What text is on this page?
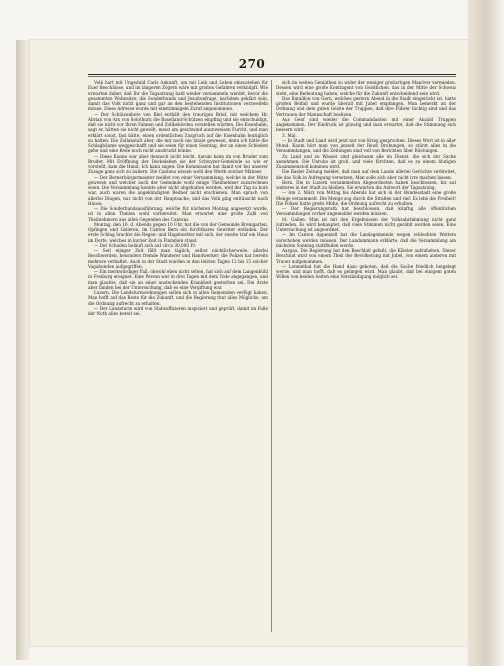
270

Volk hart mit Ungeduld Carls Ankunft, um mit Leib und Leben einzustehen für Euer Beschlüsse, und im längeren Zögern wäre mit großen Gefahren verknüpft. Wie erwarten daher, daß Ihr die Tagsatzung bald wieder versammeln werdet, bevor die gesammten Wohnsitze, die Sonderbunds und Jesuitenfrage, nachdem geklärt sein, damit das Volk nicht ganz und gar an den bestehenden Institutionen verzweifeln müsse. Diese Adresse wurde mit einstimmigem Zuruf angenommen.

— Der Schützenhote von Biel enthält den traurigen Brief, mit welchem Hr. Abrian von Arx von Solothurn die Baselland-Schützen empfing und sie entschuldigt, daß sie nicht vor Ihren Fahnen und Zollbehörden vorstellen würden. Die Eisenbahn, sagt er, hätten sie nicht gewollt, meist am geschwind auszuweisen Furcht, und man erklärt sonst, fast hätte, einen ordentlichen Zuspruch auf die Eisenbahn bezüglich zu halten. Die Zollanstalt aber, die mir noch nie fatale gewesen, denn ich hätte die Schlagbäume weggeschafft und sie seien für einen Sonntag, der an einen Schießen gehe und eine Rede noch nicht ausdruckt könne.

— Diese Kanne war aber dennoch nicht leicht, darum kann im von Bruder zum Bruder. Mit Eröffnung der Deckeleßen sie der Schwyzer-Gemeinde so wie er vorstellt, kam die Hand. Ich kann sagen: Die Kommission hat damit vor bei unserer Zusage ganz sich zu äußern. Die Cantons wissen wohl den Werth solcher Männer.

— Der Bernerbürgermeister meldet von einer Versammlung, welche in der Mitte gewesen und welcher auch der Gemeinde wohl einige Theilnehmer zuzurechnen seien. Die Versammlung konnte aber nicht abgehalten werden, weil der Tag zu kurz war, auch waren die angekündigten Redner nicht erschienen. Man sprach von allerlei Dingen, nur nicht von der Hauptsache, und das Volk ging enttäuscht nach Hause.

— Die Sonderbundsausführung, welche für nächsten Montag angesetzt wurde, ist in allen Theilen wohl vorbereitet. Man erwartet eine große Zahl von Theilnehmern aus allen Gegenden des Cantons.

Montag, den 16. d. Abends gegen 10 Uhr, hat die von der Gemeinde Bremgarten, Opfingen und Gisleren, im Canton Bern ein furchtbares Gewitter entladen. Der erste Schlag brachte die Regen- und Hagelwetter mit sich, der zweite traf ein Haus im Dorfe, welches in kurzer Zeit in Flammen stand.

— Der Schaden beläuft sich auf circa 30,000 Fr.

— Seit einiger Zeit fällt man täglich, selbst nächtlicherweile, allerlei Beschwerden, besonders fremde Wanderer und Handwerker; die Polizei hat bereits mehrere verhaftet. Auch in der Stadt wurden in den letzten Tagen 12 bis 15 solcher Vagabunden aufgegriffen.

— Ein merkwürdiger Fall, obwohl eben nicht selten, hat sich auf dem Langenbühl in Freiburg ereignet. Eine Person war in drei Tagen mit dem Tode abgegangen, und man glaubte, daß sie an einer ansteckenden Krankheit gestorben sei. Die Ärzte aber fanden bei der Untersuchung, daß es eine Vergiftung war.

Luzern. Die Landsturmordnungen sollen sich in allen Gemeinden verfügt haben. Man hofft auf das Beste für die Zukunft, und die Regierung thut alles Mögliche, um die Ordnung aufrecht zu erhalten.

— Der Landsturm wird von Stabsoffizieren inspiciert und geprüft, damit im Falle der Noth alles bereit sei.

sich im weiten Gemüthen zu wider der weniger großartigen Manöver vermieden. Dessen wird eine große Kontingent von Geistlichen, das in der Mitte der Schweiz steht, eine Bedeutung haben, welche für die Zukunft entscheidend sein wird.

Das Bataillon von Gern, welches gestern Abend in die Stadt eingerückt ist, hatte großen Beifall und wurde überall mit Jubel empfangen. Man bemerkt an der Ordnung und dem guten Geiste der Truppen, daß ihre Führer tüchtig sind und das Vertrauen der Mannschaft besitzen.

Aus Genf sind wieder die Commandanten mit einer Anzahl Truppen angekommen. Der Eindruck ist günstig und man erwartet, daß die Stimmung sich bessern wird.

3. Mai.

— In Stadt und Land wird jetzt nur von Krieg gesprochen. Dieses Wort ist in aller Mund. Kaum hört man von jenseit der Reuß Drohungen, so stürzt alles in die Versammlungen, und die Zeitungen sind voll von Berichten über Rüstungen.

Zu Land und zu Wasser sind gleichsam alle im Dienst, die sich der Sache annehmen. Die Unruhe ist groß, und viele fürchten, daß es zu einem blutigen Zusammenstoß kommen wird.

Die Basler Zeitung meldet, daß man auf dem Lande allerlei Gerüchte verbreitet, die das Volk in Aufregung versetzen. Man solle sich aber nicht irre machen lassen.

Bern. Die in Luzern versammelten Abgeordneten haben beschlossen, bis auf weiteres in der Stadt zu bleiben. Sie erwarten die Antwort der Tagsatzung.

— Am 2. März von Mittag bis Abends hat sich in der Bundesstadt eine große Menge versammelt. Die Menge zog durch die Straßen und rief: Es lebe die Freiheit! Die Polizei hatte große Mühe, die Ordnung aufrecht zu erhalten.

— Der Regierungsrath hat beschlossen, daß künftig alle öffentlichen Versammlungen vorher angemeldet werden müssen.

St. Gallen. Man ist mit den Ergebnissen der Volksabstimmung nicht ganz zufrieden. Es wird behauptet, daß viele Stimmen nicht gezählt worden seien. Eine Untersuchung ist angeordnet.

— Im Canton Appenzell hat die Landsgemeinde wegen schlechten Wetters verschoben werden müssen. Der Landammann erklärte, daß die Versammlung am nächsten Sonntag stattfinden werde.

Aargau. Die Regierung hat den Beschluß gefaßt, die Klöster aufzuheben. Dieser Beschluß wird von einem Theil der Bevölkerung mit Jubel, von einem anderen mit Trauer aufgenommen.

— Lomenthal hat die Hand dazu geboten, daß die Sache friedlich beigelegt werde, und man hofft, daß es gelingen wird. Man glaubt, daß bei einigem guten Willen von beiden Seiten eine Verständigung möglich sei.
